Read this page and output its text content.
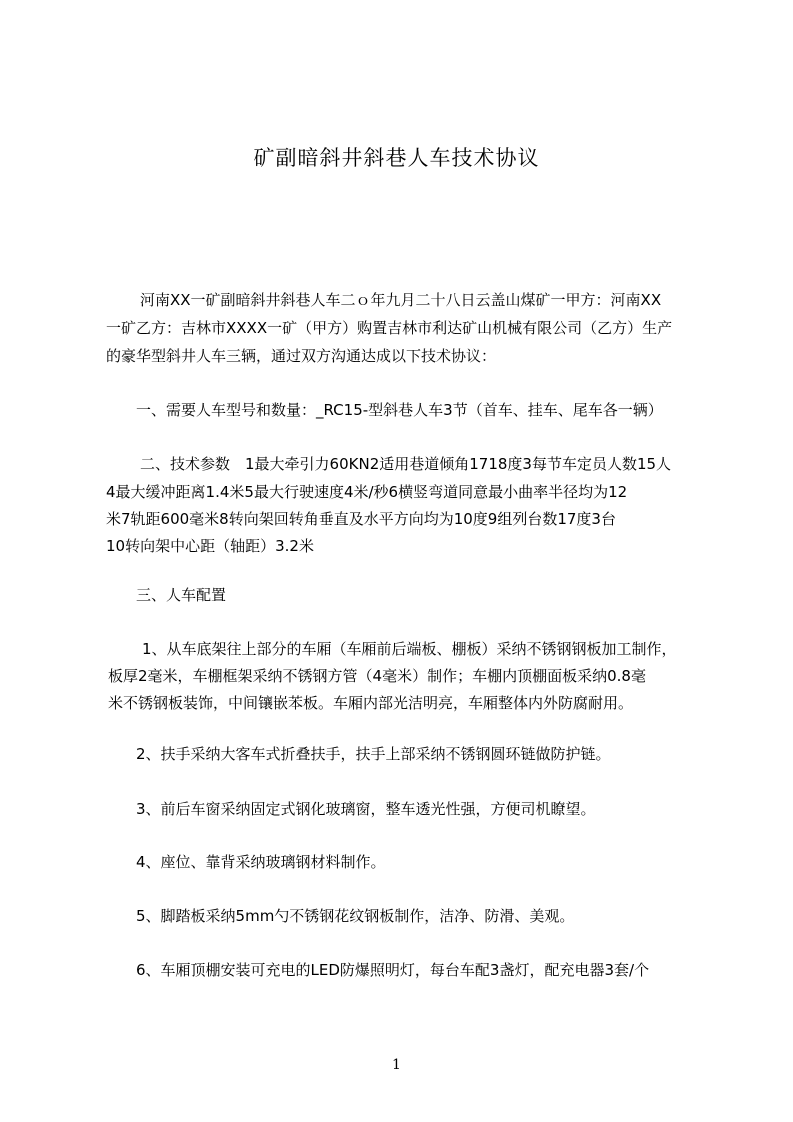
矿副暗斜井斜巷人车技术协议
河南XX一矿副暗斜井斜巷人车二ｏ年九月二十八日云盖山煤矿一甲方：河南XX
一矿乙方：吉林市XXXX一矿（甲方）购置吉林市利达矿山机械有限公司（乙方）生产
的豪华型斜井人车三辆，通过双方沟通达成以下技术协议：
一、需要人车型号和数量：_RC15-型斜巷人车3节（首车、挂车、尾车各一辆）
二、技术参数　1最大牵引力60KN2适用巷道倾角1718度3每节车定员人数15人
4最大缓冲距离1.4米5最大行驶速度4米/秒6横竖弯道同意最小曲率半径均为12
米7轨距600毫米8转向架回转角垂直及水平方向均为10度9组列台数17度3台
10转向架中心距（轴距）3.2米
三、人车配置
1、从车底架往上部分的车厢（车厢前后端板、棚板）采纳不锈钢钢板加工制作，
板厚2毫米，车棚框架采纳不锈钢方管（4毫米）制作；车棚内顶棚面板采纳0.8毫
米不锈钢板装饰，中间镶嵌苯板。车厢内部光洁明亮，车厢整体内外防腐耐用。
2、扶手采纳大客车式折叠扶手，扶手上部采纳不锈钢圆环链做防护链。
3、前后车窗采纳固定式钢化玻璃窗，整车透光性强，方便司机瞭望。
4、座位、靠背采纳玻璃钢材料制作。
5、脚踏板采纳5mm勺不锈钢花纹钢板制作，洁净、防滑、美观。
6、车厢顶棚安装可充电的LED防爆照明灯，每台车配3盏灯，配充电器3套/个
1
